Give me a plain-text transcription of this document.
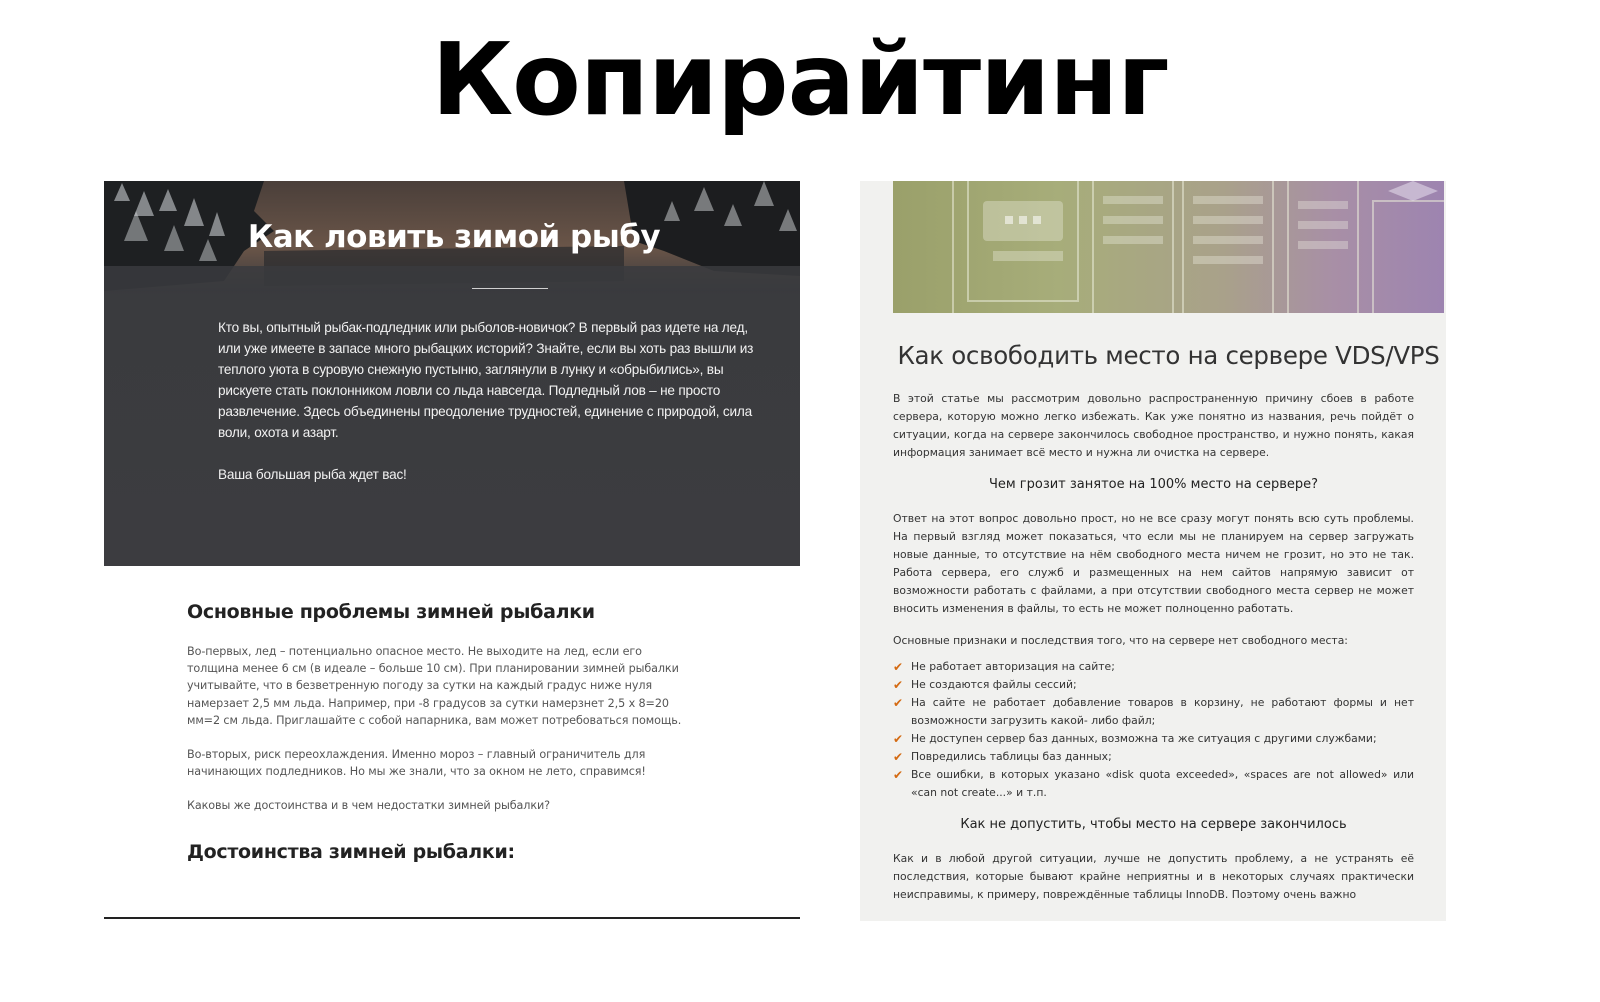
Копирайтинг
Как ловить зимой рыбу

Кто вы, опытный рыбак-подледник или рыболов-новичок? В первый раз идете на лед, или уже имеете в запасе много рыбацких историй? Знайте, если вы хоть раз вышли из теплого уюта в суровую снежную пустыню, заглянули в лунку и «обрыбились», вы рискуете стать поклонником ловли со льда навсегда. Подледный лов – не просто развлечение. Здесь объединены преодоление трудностей, единение с природой, сила воли, охота и азарт.

Ваша большая рыба ждет вас!

Основные проблемы зимней рыбалки

Во-первых, лед – потенциально опасное место. Не выходите на лед, если его толщина менее 6 см (в идеале – больше 10 см). При планировании зимней рыбалки учитывайте, что в безветренную погоду за сутки на каждый градус ниже нуля намерзает 2,5 мм льда. Например, при -8 градусов за сутки намерзнет 2,5 х 8=20 мм=2 см льда. Приглашайте с собой напарника, вам может потребоваться помощь.

Во-вторых, риск переохлаждения. Именно мороз – главный ограничитель для начинающих подледников. Но мы же знали, что за окном не лето, справимся!

Каковы же достоинства и в чем недостатки зимней рыбалки?

Достоинства зимней рыбалки:
Как освободить место на сервере VDS/VPS

В этой статье мы рассмотрим довольно распространенную причину сбоев в работе сервера, которую можно легко избежать. Как уже понятно из названия, речь пойдёт о ситуации, когда на сервере закончилось свободное пространство, и нужно понять, какая информация занимает всё место и нужна ли очистка на сервере.

Чем грозит занятое на 100% место на сервере?

Ответ на этот вопрос довольно прост, но не все сразу могут понять всю суть проблемы. На первый взгляд может показаться, что если мы не планируем на сервер загружать новые данные, то отсутствие на нём свободного места ничем не грозит, но это не так. Работа сервера, его служб и размещенных на нем сайтов напрямую зависит от возможности работать с файлами, а при отсутствии свободного места сервер не может вносить изменения в файлы, то есть не может полноценно работать.

Основные признаки и последствия того, что на сервере нет свободного места:

✔ Не работает авторизация на сайте;
✔ Не создаются файлы сессий;
✔ На сайте не работает добавление товаров в корзину, не работают формы и нет возможности загрузить какой- либо файл;
✔ Не доступен сервер баз данных, возможна та же ситуация с другими службами;
✔ Повредились таблицы баз данных;
✔ Все ошибки, в которых указано «disk quota exceeded», «spaces are not allowed» или «can not create...» и т.п.
Как не допустить, чтобы место на сервере закончилось

Как и в любой другой ситуации, лучше не допустить проблему, а не устранять её последствия, которые бывают крайне неприятны и в некоторых случаях практически неисправимы, к примеру, повреждённые таблицы InnoDB. Поэтому очень важно
